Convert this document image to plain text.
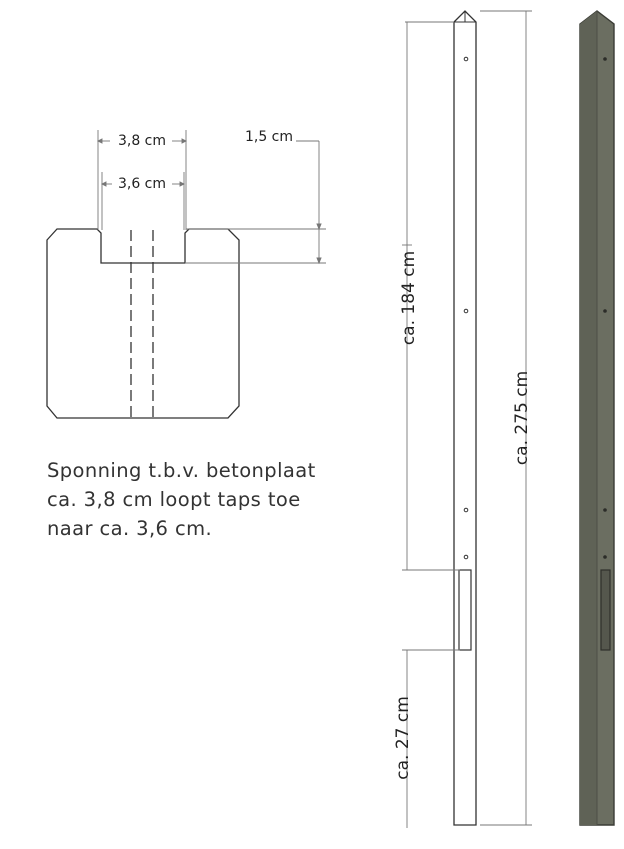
3,8 cm
3,6 cm
1,5 cm
ca. 184 cm
ca. 27 cm
ca. 275 cm
Sponning t.b.v. betonplaat
ca. 3,8 cm loopt taps toe
naar ca. 3,6 cm.
